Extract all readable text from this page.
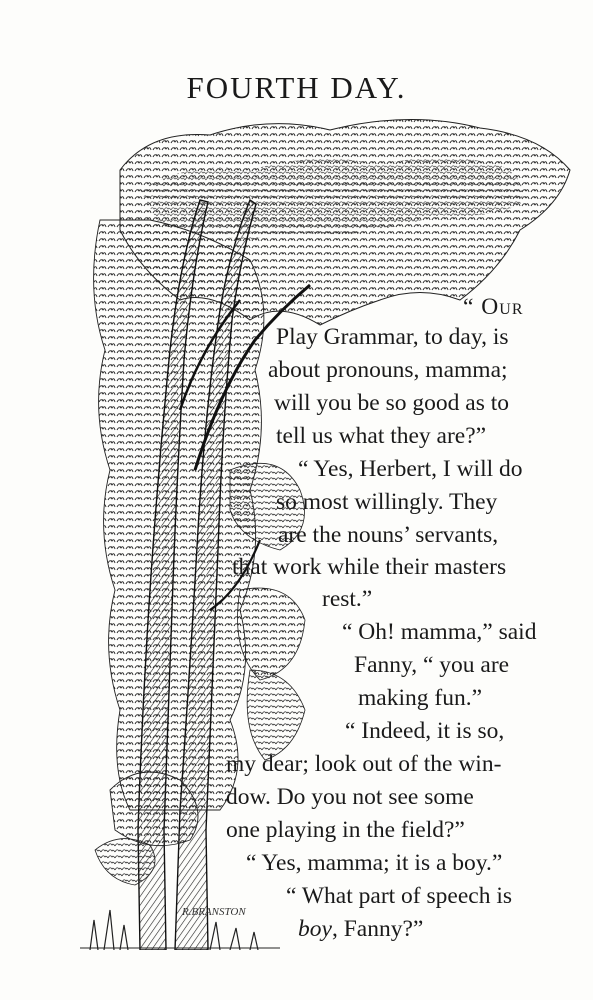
FOURTH DAY.
R.BRANSTON
“ Our
Play Grammar, to day, is
about pronouns, mamma;
will you be so good as to
tell us what they are?”
“ Yes, Herbert, I will do
so most willingly. They
are the nouns’ servants,
that work while their masters
rest.”
“ Oh! mamma,” said
Fanny, “ you are
making fun.”
“ Indeed, it is so,
my dear; look out of the win-
dow. Do you not see some
one playing in the field?”
“ Yes, mamma; it is a boy.”
“ What part of speech is
boy, Fanny?”
